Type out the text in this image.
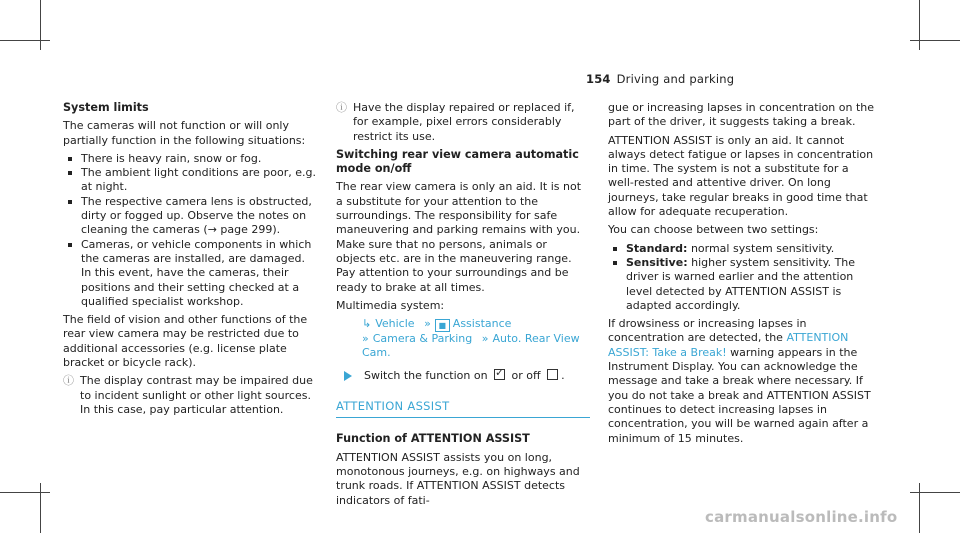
154 Driving and parking

System limits

The cameras will not function or will only partially function in the following situations:

There is heavy rain, snow or fog.
The ambient light conditions are poor, e.g. at night.
The respective camera lens is obstructed, dirty or fogged up. Observe the notes on cleaning the cameras (→ page 299).
Cameras, or vehicle components in which the cameras are installed, are damaged. In this event, have the cameras, their positions and their setting checked at a qualified specialist workshop.

The field of vision and other functions of the rear view camera may be restricted due to additional accessories (e.g. license plate bracket or bicycle rack).

ⓘ The display contrast may be impaired due to incident sunlight or other light sources. In this case, pay particular attention.
ⓘ Have the display repaired or replaced if, for example, pixel errors considerably restrict its use.

Switching rear view camera automatic mode on/off

The rear view camera is only an aid. It is not a substitute for your attention to the surroundings. The responsibility for safe maneuvering and parking remains with you. Make sure that no persons, animals or objects etc. are in the maneuvering range. Pay attention to your surroundings and be ready to brake at all times.

Multimedia system:

↳ Vehicle » ■ Assistance
» Camera & Parking » Auto. Rear View Cam.
Switch the function on ✓ or off .
ATTENTION ASSIST

Function of ATTENTION ASSIST

ATTENTION ASSIST assists you on long, monotonous journeys, e.g. on highways and trunk roads. If ATTENTION ASSIST detects indicators of fati-

gue or increasing lapses in concentration on the part of the driver, it suggests taking a break.

ATTENTION ASSIST is only an aid. It cannot always detect fatigue or lapses in concentration in time. The system is not a substitute for a well-rested and attentive driver. On long journeys, take regular breaks in good time that allow for adequate recuperation.

You can choose between two settings:

Standard: normal system sensitivity.
Sensitive: higher system sensitivity. The driver is warned earlier and the attention level detected by ATTENTION ASSIST is adapted accordingly.

If drowsiness or increasing lapses in concentration are detected, the ATTENTION ASSIST: Take a Break! warning appears in the Instrument Display. You can acknowledge the message and take a break where necessary. If you do not take a break and ATTENTION ASSIST continues to detect increasing lapses in concentration, you will be warned again after a minimum of 15 minutes.

carmanualsonline.info
